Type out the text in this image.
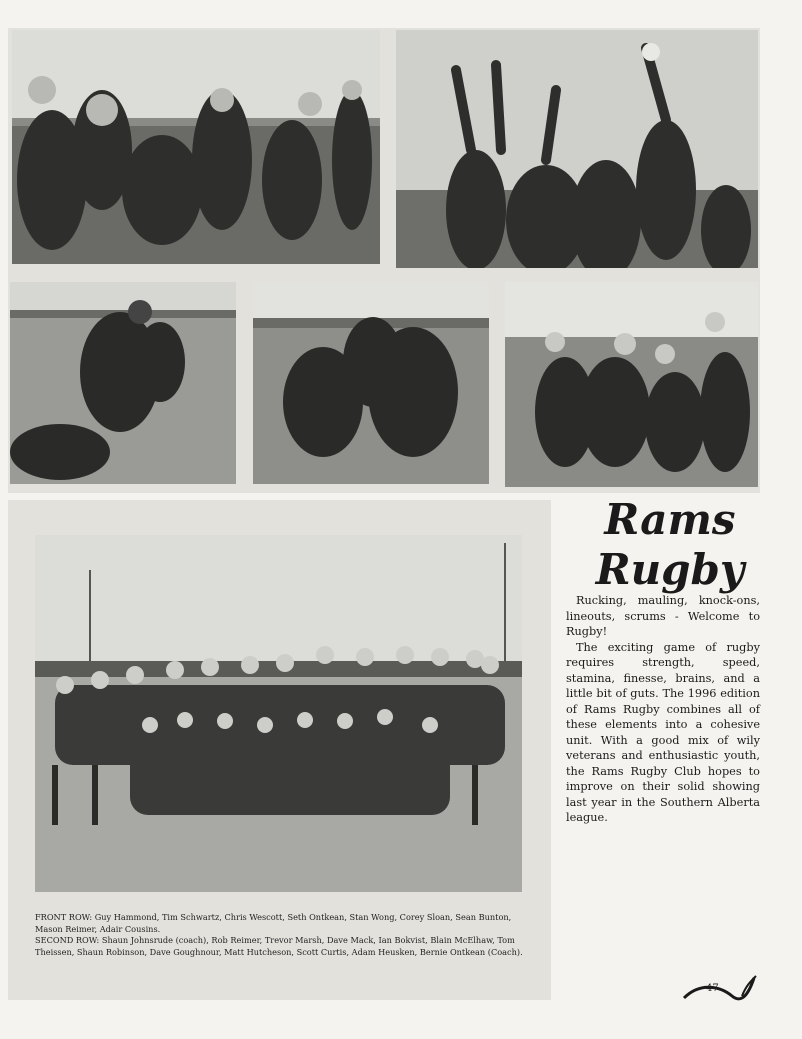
Rams
Rugby

Rucking, mauling, knock-ons, lineouts, scrums - Welcome to Rugby!

The exciting game of rugby requires strength, speed, stamina, finesse, brains, and a little bit of guts. The 1996 edition of Rams Rugby combines all of these elements into a cohesive unit. With a good mix of wily veterans and enthusiastic youth, the Rams Rugby Club hopes to improve on their solid showing last year in the Southern Alberta league.

FRONT ROW: Guy Hammond, Tim Schwartz, Chris Wescott, Seth Ontkean, Stan Wong, Corey Sloan, Sean Bunton, Mason Reimer, Adair Cousins.

SECOND ROW: Shaun Johnsrude (coach), Rob Reimer, Trevor Marsh, Dave Mack, Ian Bokvist, Blain McElhaw, Tom Theissen, Shaun Robinson, Dave Goughnour, Matt Hutcheson, Scott Curtis, Adam Heusken, Bernie Ontkean (Coach).

47
